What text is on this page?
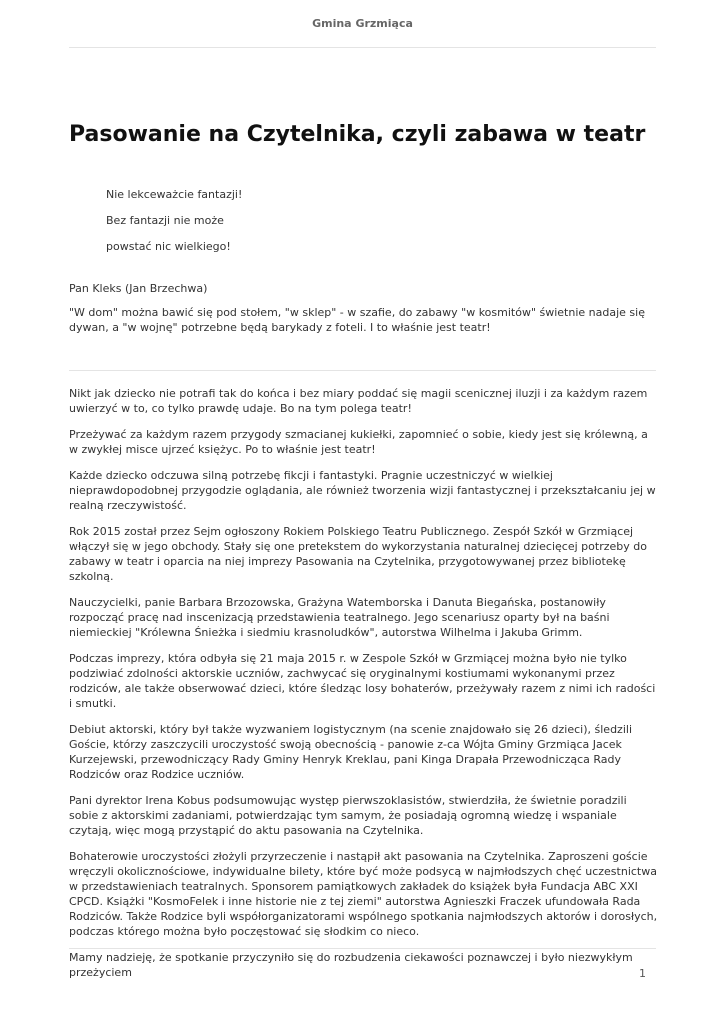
Gmina Grzmiąca
Pasowanie na Czytelnika, czyli zabawa w teatr

Nie lekceważcie fantazji!

Bez fantazji nie może

powstać nic wielkiego!

Pan Kleks (Jan Brzechwa)

"W dom" można bawić się pod stołem, "w sklep" - w szafie, do zabawy "w kosmitów" świetnie nadaje się dywan, a "w wojnę" potrzebne będą barykady z foteli. I to właśnie jest teatr!

Nikt jak dziecko nie potrafi tak do końca i bez miary poddać się magii scenicznej iluzji i za każdym razem uwierzyć w to, co tylko prawdę udaje. Bo na tym polega teatr!

Przeżywać za każdym razem przygody szmacianej kukiełki, zapomnieć o sobie, kiedy jest się królewną, a w zwykłej misce ujrzeć księżyc. Po to właśnie jest teatr!

Każde dziecko odczuwa silną potrzebę fikcji i fantastyki. Pragnie uczestniczyć w wielkiej nieprawdopodobnej przygodzie oglądania, ale również tworzenia wizji fantastycznej i przekształcaniu jej w realną rzeczywistość.

Rok 2015 został przez Sejm ogłoszony Rokiem Polskiego Teatru Publicznego. Zespół Szkół w Grzmiącej włączył się w jego obchody. Stały się one pretekstem do wykorzystania naturalnej dziecięcej potrzeby do zabawy w teatr i oparcia na niej imprezy Pasowania na Czytelnika, przygotowywanej przez bibliotekę szkolną.

Nauczycielki, panie Barbara Brzozowska, Grażyna Watemborska i Danuta Biegańska, postanowiły rozpocząć pracę nad inscenizacją przedstawienia teatralnego. Jego scenariusz oparty był na baśni niemieckiej "Królewna Śnieżka i siedmiu krasnoludków", autorstwa Wilhelma i Jakuba Grimm.

Podczas imprezy, która odbyła się 21 maja 2015 r. w Zespole Szkół w Grzmiącej można było nie tylko podziwiać zdolności aktorskie uczniów, zachwycać się oryginalnymi kostiumami wykonanymi przez rodziców, ale także obserwować dzieci, które śledząc losy bohaterów, przeżywały razem z nimi ich radości i smutki.

Debiut aktorski, który był także wyzwaniem logistycznym (na scenie znajdowało się 26 dzieci), śledzili Goście, którzy zaszczycili uroczystość swoją obecnością - panowie z-ca Wójta Gminy Grzmiąca Jacek Kurzejewski, przewodniczący Rady Gminy Henryk Kreklau, pani Kinga Drapała Przewodnicząca Rady Rodziców oraz Rodzice uczniów.

Pani dyrektor Irena Kobus podsumowując występ pierwszoklasistów, stwierdziła, że świetnie poradzili sobie z aktorskimi zadaniami, potwierdzając tym samym, że posiadają ogromną wiedzę i wspaniale czytają, więc mogą przystąpić do aktu pasowania na Czytelnika.

Bohaterowie uroczystości złożyli przyrzeczenie i nastąpił akt pasowania na Czytelnika. Zaproszeni goście wręczyli okolicznościowe, indywidualne bilety, które być może podsycą w najmłodszych chęć uczestnictwa w przedstawieniach teatralnych. Sponsorem pamiątkowych zakładek do książek była Fundacja ABC XXI CPCD. Książki "KosmoFelek i inne historie nie z tej ziemi" autorstwa Agnieszki Fraczek ufundowała Rada Rodziców. Także Rodzice byli współorganizatorami wspólnego spotkania najmłodszych aktorów i dorosłych, podczas którego można było poczęstować się słodkim co nieco.

Mamy nadzieję, że spotkanie przyczyniło się do rozbudzenia ciekawości poznawczej i było niezwykłym przeżyciem	1
